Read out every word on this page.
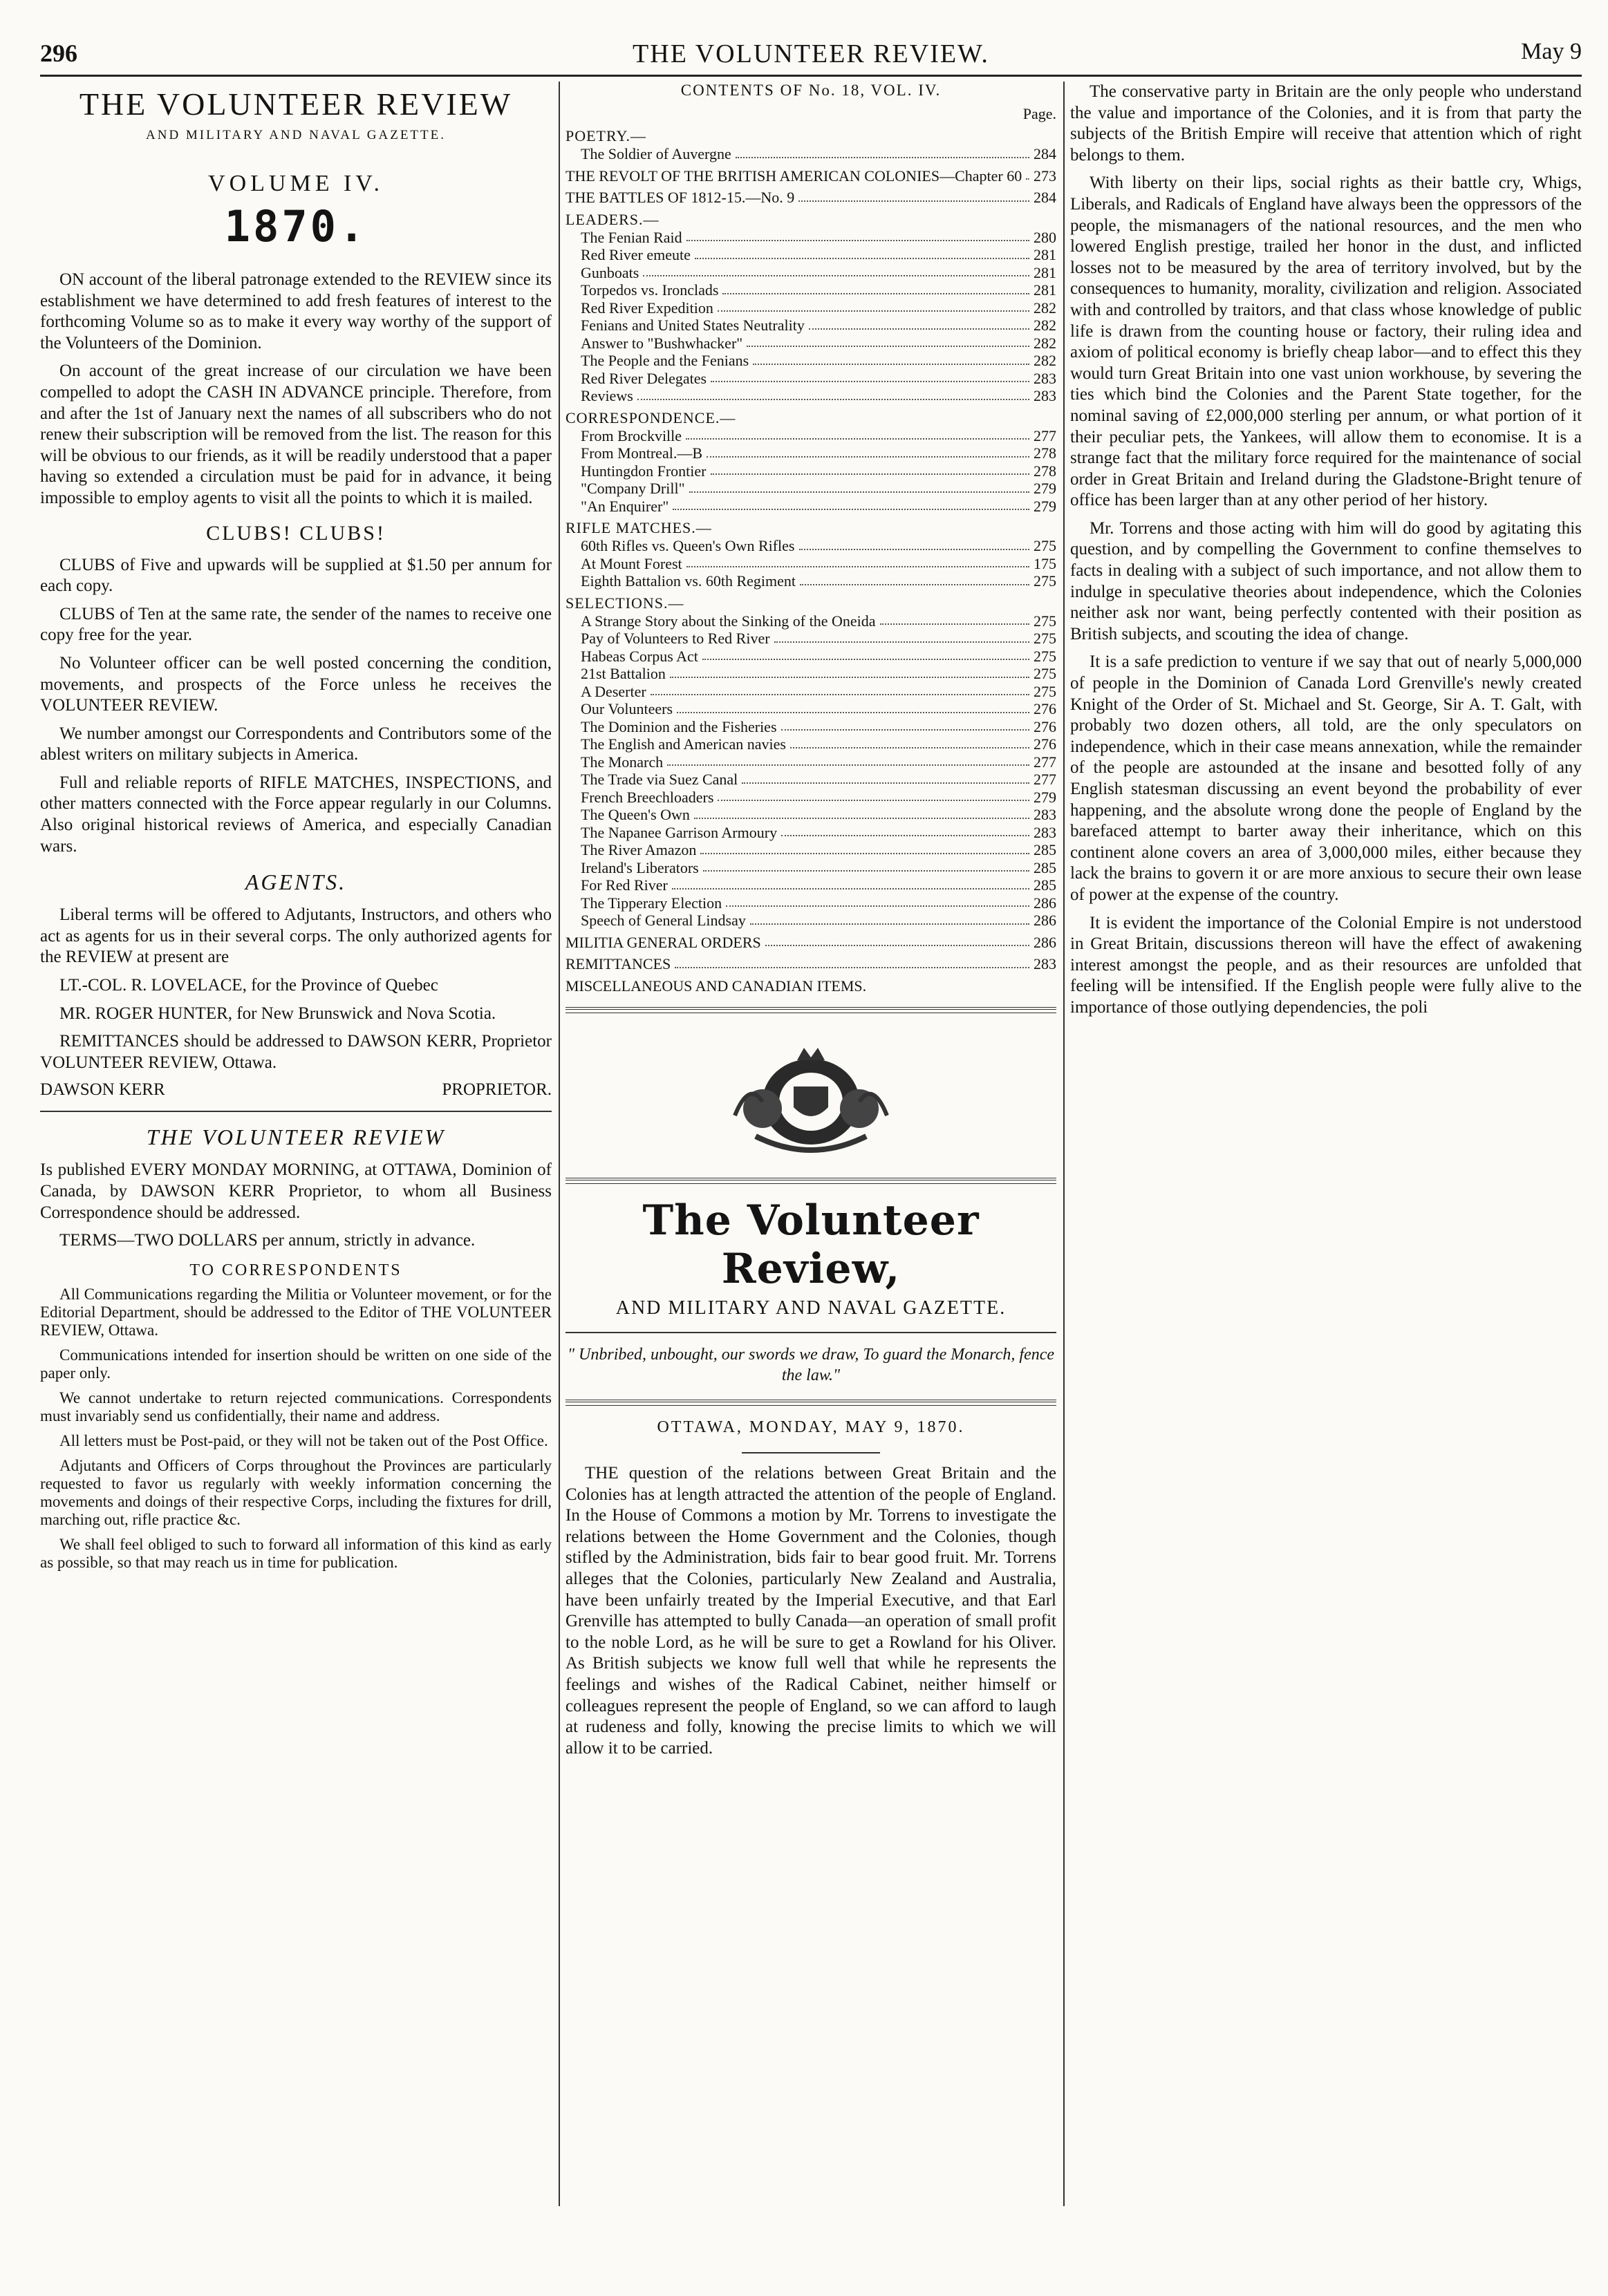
296	THE VOLUNTEER REVIEW.	May 9
THE VOLUNTEER REVIEW
AND MILITARY AND NAVAL GAZETTE.
VOLUME IV.
1870.

ON account of the liberal patronage extended to the REVIEW since its establishment we have determined to add fresh features of interest to the forthcoming Volume so as to make it every way worthy of the support of the Volunteers of the Dominion.

On account of the great increase of our circulation we have been compelled to adopt the CASH IN ADVANCE principle. Therefore, from and after the 1st of January next the names of all subscribers who do not renew their subscription will be removed from the list. The reason for this will be obvious to our friends, as it will be readily understood that a paper having so extended a circulation must be paid for in advance, it being impossible to employ agents to visit all the points to which it is mailed.

CLUBS! CLUBS!

CLUBS of Five and upwards will be supplied at $1.50 per annum for each copy.

CLUBS of Ten at the same rate, the sender of the names to receive one copy free for the year.

No Volunteer officer can be well posted concerning the condition, movements, and prospects of the Force unless he receives the VOLUNTEER REVIEW.

We number amongst our Correspondents and Contributors some of the ablest writers on military subjects in America.

Full and reliable reports of RIFLE MATCHES, INSPECTIONS, and other matters connected with the Force appear regularly in our Columns. Also original historical reviews of America, and especially Canadian wars.

AGENTS.

Liberal terms will be offered to Adjutants, Instructors, and others who act as agents for us in their several corps. The only authorized agents for the REVIEW at present are

LT.-COL. R. LOVELACE, for the Province of Quebec

MR. ROGER HUNTER, for New Brunswick and Nova Scotia.

REMITTANCES should be addressed to DAWSON KERR, Proprietor VOLUNTEER REVIEW, Ottawa.

DAWSON KERR	PROPRIETOR.
THE VOLUNTEER REVIEW

Is published EVERY MONDAY MORNING, at OTTAWA, Dominion of Canada, by DAWSON KERR Proprietor, to whom all Business Correspondence should be addressed.

TERMS—TWO DOLLARS per annum, strictly in advance.

TO CORRESPONDENTS

All Communications regarding the Militia or Volunteer movement, or for the Editorial Department, should be addressed to the Editor of THE VOLUNTEER REVIEW, Ottawa.

Communications intended for insertion should be written on one side of the paper only.

We cannot undertake to return rejected communications. Correspondents must invariably send us confidentially, their name and address.

All letters must be Post-paid, or they will not be taken out of the Post Office.

Adjutants and Officers of Corps throughout the Provinces are particularly requested to favor us regularly with weekly information concerning the movements and doings of their respective Corps, including the fixtures for drill, marching out, rifle practice &c.

We shall feel obliged to such to forward all information of this kind as early as possible, so that may reach us in time for publication.

CONTENTS OF No. 18, VOL. IV.
Page.
POETRY.—
The Soldier of Auvergne	284
THE REVOLT OF THE BRITISH AMERICAN COLONIES—Chapter 60 273
THE BATTLES OF 1812-15.—No. 9	284
LEADERS.—
The Fenian Raid	280
Red River emeute	281
Gunboats	281
Torpedos vs. Ironclads	281
Red River Expedition	282
Fenians and United States Neutrality	282
Answer to "Bushwhacker"	282
The People and the Fenians	282
Red River Delegates	283
Reviews	283
CORRESPONDENCE.—
From Brockville	277
From Montreal.—B	278
Huntingdon Frontier	278
"Company Drill"	279
"An Enquirer"	279
RIFLE MATCHES.—
60th Rifles vs. Queen's Own Rifles	275
At Mount Forest	175
Eighth Battalion vs. 60th Regiment	275
SELECTIONS.—
A Strange Story about the Sinking of the Oneida	275
Pay of Volunteers to Red River	275
Habeas Corpus Act	275
21st Battalion	275
A Deserter	275
Our Volunteers	276
The Dominion and the Fisheries	276
The English and American navies	276
The Monarch	277
The Trade via Suez Canal	277
French Breechloaders	279
The Queen's Own	283
The Napanee Garrison Armoury	283
The River Amazon	285
Ireland's Liberators	285
For Red River	285
The Tipperary Election	286
Speech of General Lindsay	286
MILITIA GENERAL ORDERS	286
REMITTANCES	283
MISCELLANEOUS AND CANADIAN ITEMS.
The Volunteer Review,
AND MILITARY AND NAVAL GAZETTE.
" Unbribed, unbought, our swords we draw, To guard the Monarch, fence the law."
OTTAWA, MONDAY, MAY 9, 1870.

THE question of the relations between Great Britain and the Colonies has at length attracted the attention of the people of England. In the House of Commons a motion by Mr. Torrens to investigate the relations between the Home Government and the Colonies, though stifled by the Administration, bids fair to bear good fruit. Mr. Torrens alleges that the Colonies, particularly New Zealand and Australia, have been unfairly treated by the Imperial Executive, and that Earl Grenville has attempted to bully Canada—an operation of small profit to the noble Lord, as he will be sure to get a Rowland for his Oliver. As British subjects we know full well that while he represents the feelings and wishes of the Radical Cabinet, neither himself or colleagues represent the people of England, so we can afford to laugh at rudeness and folly, knowing the precise limits to which we will allow it to be carried.

The conservative party in Britain are the only people who understand the value and importance of the Colonies, and it is from that party the subjects of the British Empire will receive that attention which of right belongs to them.

With liberty on their lips, social rights as their battle cry, Whigs, Liberals, and Radicals of England have always been the oppressors of the people, the mismanagers of the national resources, and the men who lowered English prestige, trailed her honor in the dust, and inflicted losses not to be measured by the area of territory involved, but by the consequences to humanity, morality, civilization and religion. Associated with and controlled by traitors, and that class whose knowledge of public life is drawn from the counting house or factory, their ruling idea and axiom of political economy is briefly cheap labor—and to effect this they would turn Great Britain into one vast union workhouse, by severing the ties which bind the Colonies and the Parent State together, for the nominal saving of £2,000,000 sterling per annum, or what portion of it their peculiar pets, the Yankees, will allow them to economise. It is a strange fact that the military force required for the maintenance of social order in Great Britain and Ireland during the Gladstone-Bright tenure of office has been larger than at any other period of her history.

Mr. Torrens and those acting with him will do good by agitating this question, and by compelling the Government to confine themselves to facts in dealing with a subject of such importance, and not allow them to indulge in speculative theories about independence, which the Colonies neither ask nor want, being perfectly contented with their position as British subjects, and scouting the idea of change.

It is a safe prediction to venture if we say that out of nearly 5,000,000 of people in the Dominion of Canada Lord Grenville's newly created Knight of the Order of St. Michael and St. George, Sir A. T. Galt, with probably two dozen others, all told, are the only speculators on independence, which in their case means annexation, while the remainder of the people are astounded at the insane and besotted folly of any English statesman discussing an event beyond the probability of ever happening, and the absolute wrong done the people of England by the barefaced attempt to barter away their inheritance, which on this continent alone covers an area of 3,000,000 miles, either because they lack the brains to govern it or are more anxious to secure their own lease of power at the expense of the country.

It is evident the importance of the Colonial Empire is not understood in Great Britain, discussions thereon will have the effect of awakening interest amongst the people, and as their resources are unfolded that feeling will be intensified. If the English people were fully alive to the importance of those outlying dependencies, the poli
